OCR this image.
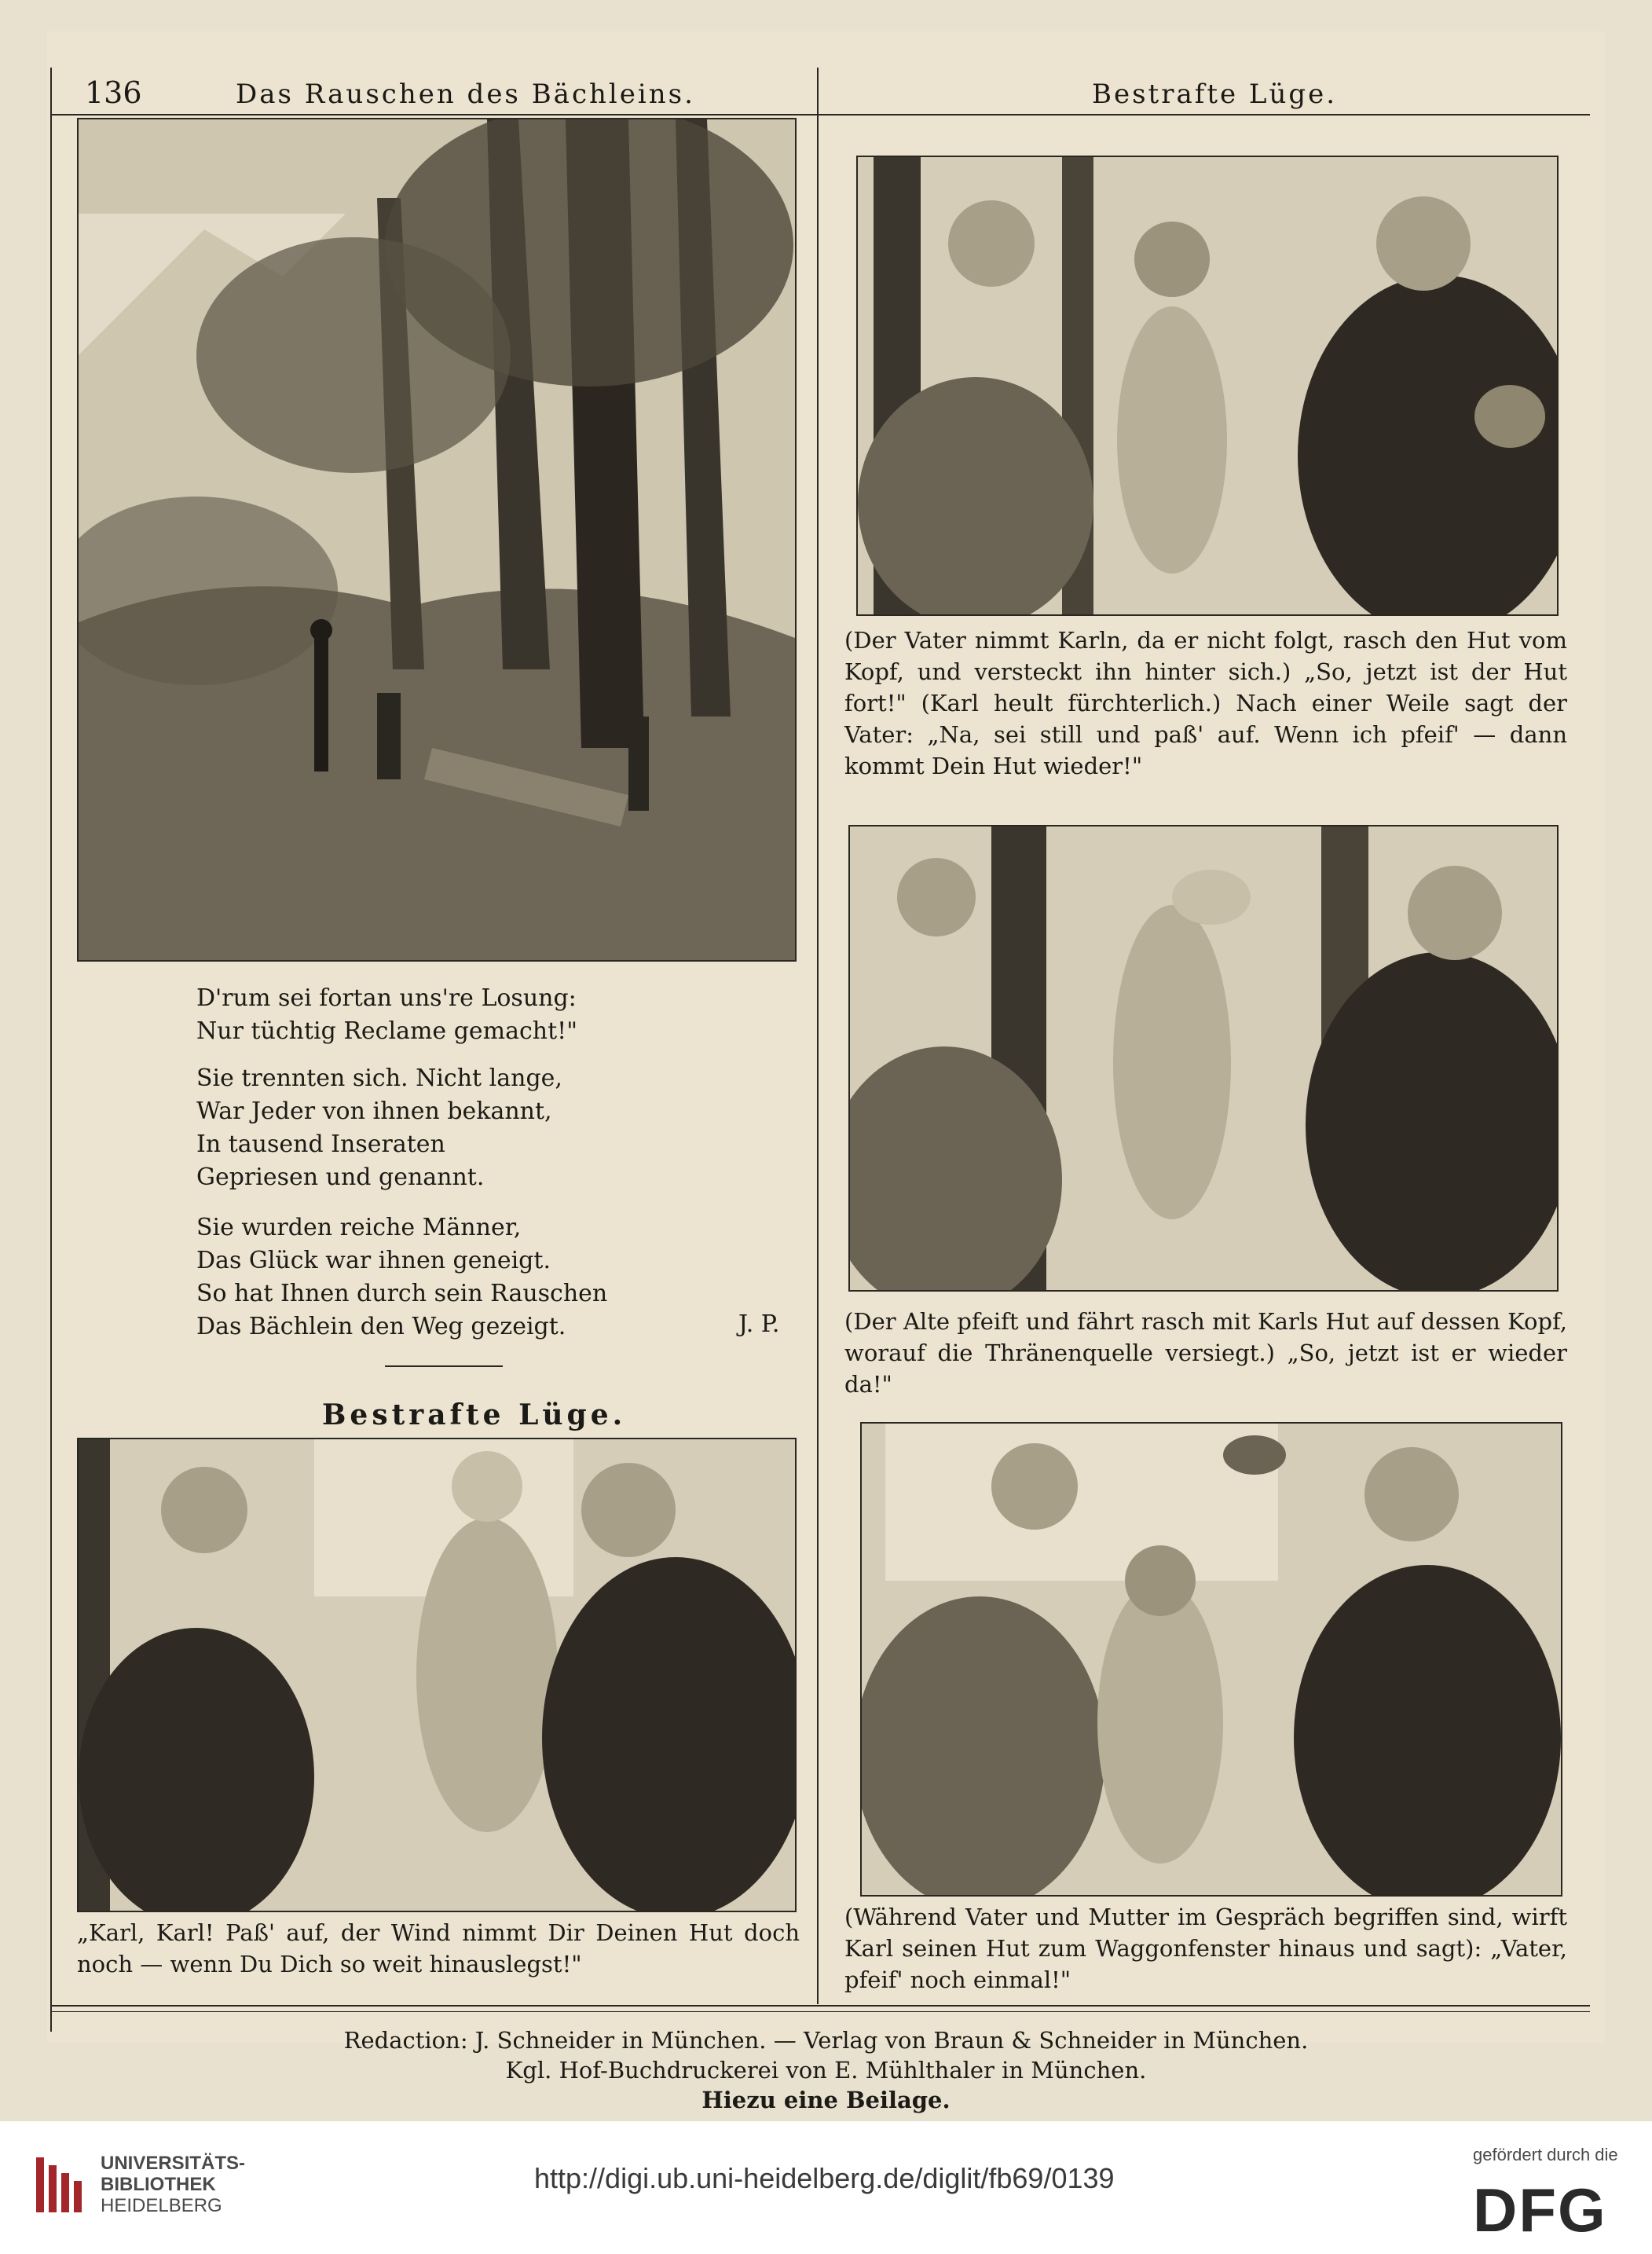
136	Das Rauschen des Bächleins.	Bestrafte Lüge.
D'rum sei fortan uns're Losung:
Nur tüchtig Reclame gemacht!"
Sie trennten sich. Nicht lange,
War Jeder von ihnen bekannt,
In tausend Inseraten
Gepriesen und genannt.
Sie wurden reiche Männer,
Das Glück war ihnen geneigt.
So hat Ihnen durch sein Rauschen
Das Bächlein den Weg gezeigt.	J. P.
Bestrafte Lüge.
(Der Vater nimmt Karln, da er nicht folgt, rasch den Hut vom Kopf, und versteckt ihn hinter sich.) „So, jetzt ist der Hut fort!" (Karl heult fürchterlich.) Nach einer Weile sagt der Vater: „Na, sei still und paß' auf. Wenn ich pfeif' — dann kommt Dein Hut wieder!"
(Der Alte pfeift und fährt rasch mit Karls Hut auf dessen Kopf, worauf die Thränenquelle versiegt.) „So, jetzt ist er wieder da!"
„Karl, Karl! Paß' auf, der Wind nimmt Dir Deinen Hut doch noch — wenn Du Dich so weit hinauslegst!"
(Während Vater und Mutter im Gespräch begriffen sind, wirft Karl seinen Hut zum Waggonfenster hinaus und sagt): „Vater, pfeif' noch einmal!"
Redaction: J. Schneider in München. — Verlag von Braun & Schneider in München.
Kgl. Hof-Buchdruckerei von E. Mühlthaler in München.
Hiezu eine Beilage.
UNIVERSITÄTS-
BIBLIOTHEK
HEIDELBERG
http://digi.ub.uni-heidelberg.de/diglit/fb69/0139
gefördert durch die
DFG
